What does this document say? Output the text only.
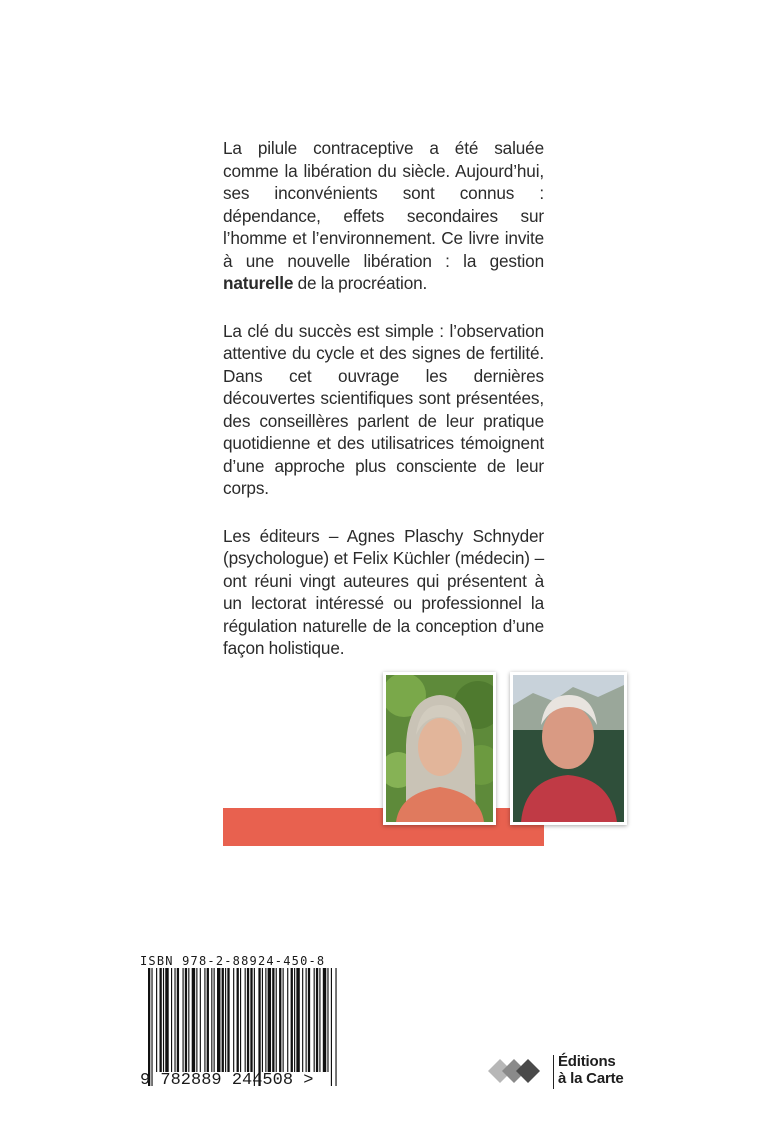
La pilule contraceptive a été saluée comme la libération du siècle. Aujourd’hui, ses inconvénients sont connus : dépendance, effets secondaires sur l’homme et l’environnement. Ce livre invite à une nouvelle libération : la gestion naturelle de la procréation.

La clé du succès est simple : l’observation attentive du cycle et des signes de fertilité. Dans cet ouvrage les dernières découvertes scientifiques sont présentées, des conseillères parlent de leur pratique quotidienne et des utilisatrices témoignent d’une approche plus consciente de leur corps.

Les éditeurs – Agnes Plaschy Schnyder (psychologue) et Felix Küchler (médecin) – ont réuni vingt auteures qui présentent à un lectorat intéressé ou professionnel la régulation naturelle de la conception d’une façon holistique.

ISBN 978-2-88924-450-8
9 782889 244508 >
Éditions
à la Carte
